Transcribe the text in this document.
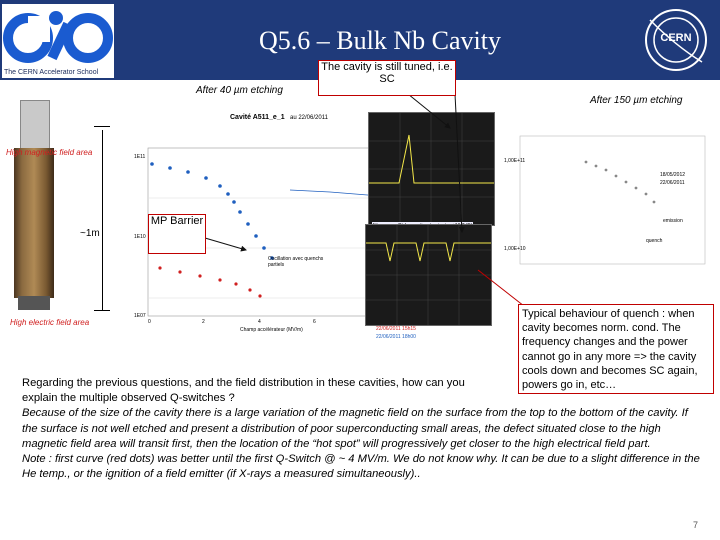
The CERN Accelerator School
Q5.6 – Bulk Nb Cavity	CERN
After 40 µm etching
After 150 µm etching
~1m
High magnetic field area
High electric field area
Cavité A511_e_1 au 22/06/2011
1E11
1E10
1E07
0	2	4	6
Champ accélérateur (MV/m)	22/06/2011 15h15
22/06/2011 18h00
Oscillation avec quenchs partiels
1,00E+11
1,00E+10
18/05/2012
22/06/2011
quench
emission
The cavity is still tuned, i.e. SC
MP Barrier
Typical behaviour of quench : when cavity becomes norm. cond. The frequency changes and the power cannot go in any more => the cavity cools down and becomes SC again, powers go in, etc…
Regarding the previous questions, and the field distribution in these cavities, how can you explain the multiple observed Q-switches ?
Because of the size of the cavity there is a large variation of the magnetic field on the surface from the top to the bottom of the cavity. If the surface is not well etched and present a distribution of poor superconducting small areas, the defect situated close to the high magnetic field area will transit first, then the location of the “hot spot” will progressively get closer to the high electrical field part.
Note : first curve (red dots) was better until the first Q-Switch @ ~ 4 MV/m. We do not know why. It can be due to a slight difference in the He temp., or the ignition of a field emitter (if X-rays a measured simultaneously)..
7
